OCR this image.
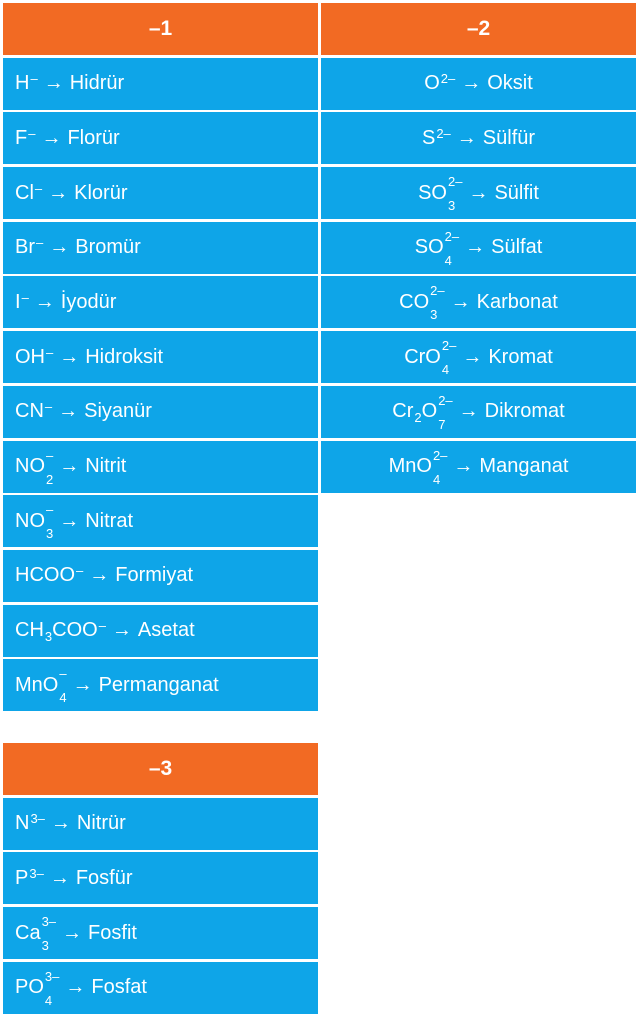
–1
H – → Hidrür
F – → Florür
Cl – → Klorür
Br – → Bromür
I – → İyodür
OH – → Hidroksit
CN – → Siyanür
NO –
2
→ Nitrit
NO –
3
→ Nitrat
HCOO – → Formiyat
CH 3 COO – → Asetat
MnO –
4
→ Permanganat
–2
O 2– → Oksit
S 2– → Sülfür
SO 2–
3
→ Sülfit
SO 2–
4
→ Sülfat
CO 2–
3
→ Karbonat
CrO 2–
4
→ Kromat
Cr 2 O 2–
7
→ Dikromat
MnO 2–
4
→ Manganat
–3
N 3– → Nitrür
P 3– → Fosfür
Ca 3–
3
→ Fosfit
PO 3–
4
→ Fosfat
